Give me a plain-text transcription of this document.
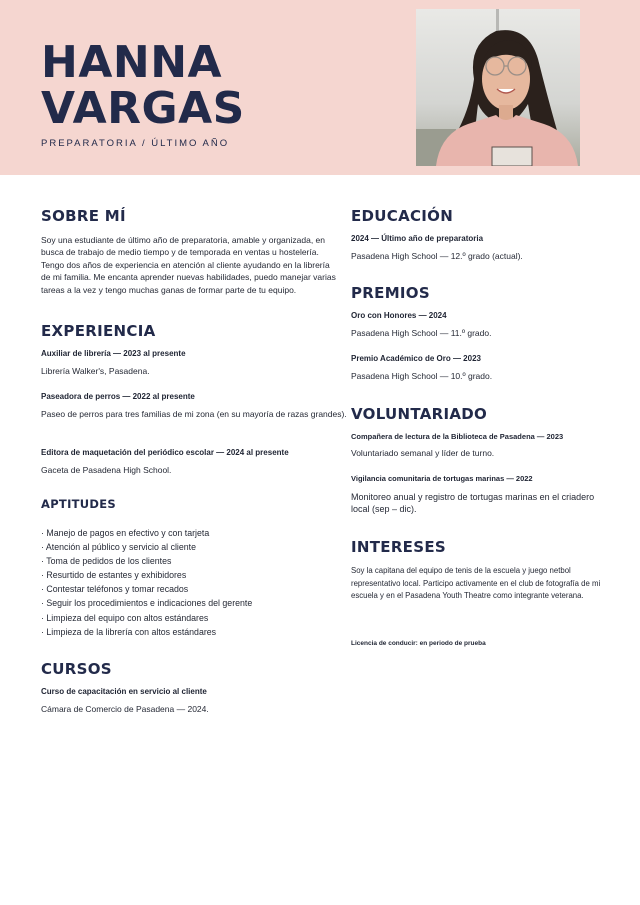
HANNA
VARGAS
PREPARATORIA / ÚLTIMO AÑO
SOBRE MÍ
Soy una estudiante de último año de preparatoria, amable y organizada, en busca de trabajo de medio tiempo y de temporada en ventas u hostelería. Tengo dos años de experiencia en atención al cliente ayudando en la librería de mi familia. Me encanta aprender nuevas habilidades, puedo manejar varias tareas a la vez y tengo muchas ganas de formar parte de tu equipo.
EXPERIENCIA
Auxiliar de librería — 2023 al presente
Librería Walker's, Pasadena.
Paseadora de perros — 2022 al presente
Paseo de perros para tres familias de mi zona (en su mayoría de razas grandes).
Editora de maquetación del periódico escolar — 2024 al presente
Gaceta de Pasadena High School.
APTITUDES
· Manejo de pagos en efectivo y con tarjeta
· Atención al público y servicio al cliente
· Toma de pedidos de los clientes
· Resurtido de estantes y exhibidores
· Contestar teléfonos y tomar recados
· Seguir los procedimientos e indicaciones del gerente
· Limpieza del equipo con altos estándares
· Limpieza de la librería con altos estándares
CURSOS
Curso de capacitación en servicio al cliente
Cámara de Comercio de Pasadena — 2024.
EDUCACIÓN
2024 — Último año de preparatoria
Pasadena High School — 12.º grado (actual).
PREMIOS
Oro con Honores — 2024
Pasadena High School — 11.º grado.
Premio Académico de Oro — 2023
Pasadena High School — 10.º grado.
VOLUNTARIADO
Compañera de lectura de la Biblioteca de Pasadena — 2023
Voluntariado semanal y líder de turno.
Vigilancia comunitaria de tortugas marinas — 2022
Monitoreo anual y registro de tortugas marinas en el criadero local (sep – dic).
INTERESES
Soy la capitana del equipo de tenis de la escuela y juego netbol representativo local. Participo activamente en el club de fotografía de mi escuela y en el Pasadena Youth Theatre como integrante veterana.
Licencia de conducir: en periodo de prueba
